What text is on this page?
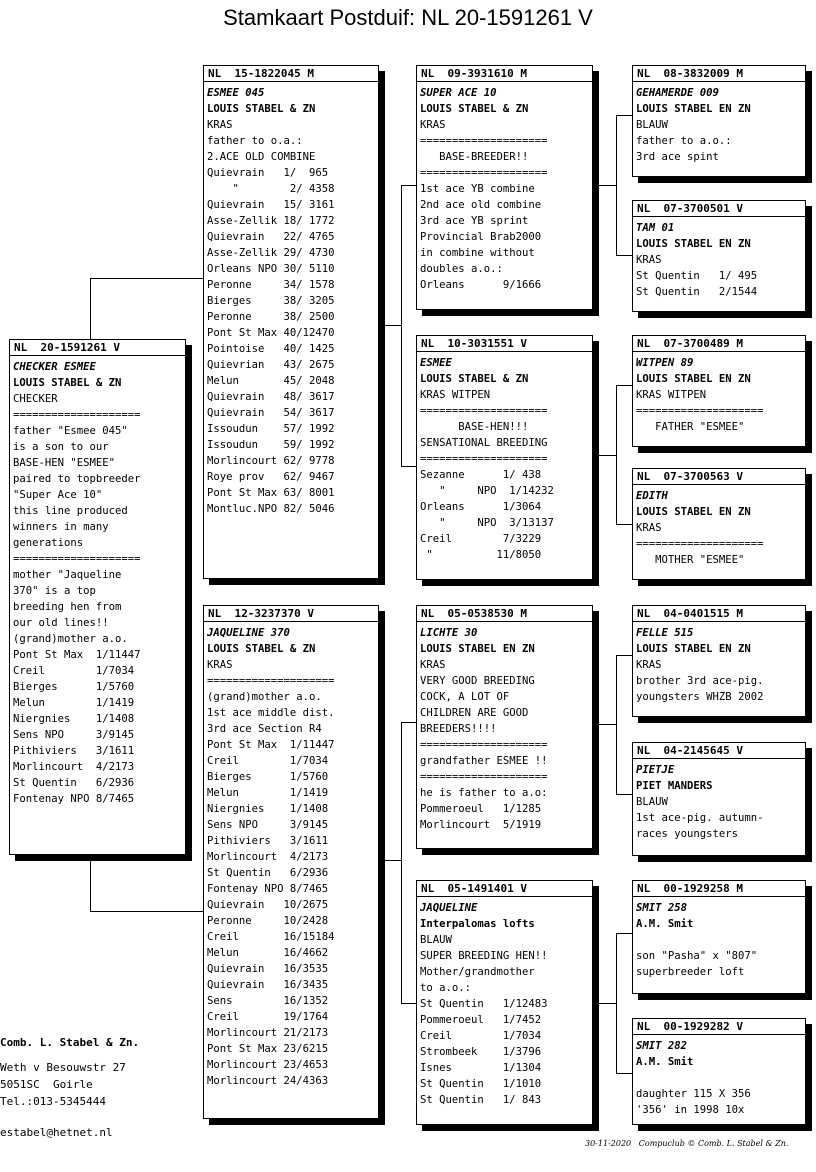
Stamkaart Postduif: NL 20-1591261 V
NL  20-1591261 V
CHECKER ESMEE
LOUIS STABEL & ZN
CHECKER
====================
father "Esmee 045"
is a son to our
BASE-HEN "ESMEE"
paired to topbreeder
"Super Ace 10"
this line produced
winners in many
generations
====================
mother "Jaqueline
370" is a top
breeding hen from
our old lines!!
(grand)mother a.o.
Pont St Max  1/11447
Creil        1/7034
Bierges      1/5760
Melun        1/1419
Niergnies    1/1408
Sens NPO     3/9145
Pithiviers   3/1611
Morlincourt  4/2173
St Quentin   6/2936
Fontenay NPO 8/7465
NL  15-1822045 M
ESMEE 045
LOUIS STABEL & ZN
KRAS
father to o.a.:
2.ACE OLD COMBINE
Quievrain   1/  965
"        2/ 4358
Quievrain   15/ 3161
Asse-Zellik 18/ 1772
Quievrain   22/ 4765
Asse-Zellik 29/ 4730
Orleans NPO 30/ 5110
Peronne     34/ 1578
Bierges     38/ 3205
Peronne     38/ 2500
Pont St Max 40/12470
Pointoise   40/ 1425
Quievrian   43/ 2675
Melun       45/ 2048
Quievrain   48/ 3617
Quievrain   54/ 3617
Issoudun    57/ 1992
Issoudun    59/ 1992
Morlincourt 62/ 9778
Roye prov   62/ 9467
Pont St Max 63/ 8001
Montluc.NPO 82/ 5046
NL  12-3237370 V
JAQUELINE 370
LOUIS STABEL & ZN
KRAS
====================
(grand)mother a.o.
1st ace middle dist.
3rd ace Section R4
Pont St Max  1/11447
Creil        1/7034
Bierges      1/5760
Melun        1/1419
Niergnies    1/1408
Sens NPO     3/9145
Pithiviers   3/1611
Morlincourt  4/2173
St Quentin   6/2936
Fontenay NPO 8/7465
Quievrain   10/2675
Peronne     10/2428
Creil       16/15184
Melun       16/4662
Quievrain   16/3535
Quievrain   16/3435
Sens        16/1352
Creil       19/1764
Morlincourt 21/2173
Pont St Max 23/6215
Morlincourt 23/4653
Morlincourt 24/4363
NL  09-3931610 M
SUPER ACE 10
LOUIS STABEL & ZN
KRAS
====================
BASE-BREEDER!!
====================
1st ace YB combine
2nd ace old combine
3rd ace YB sprint
Provincial Brab2000
in combine without
doubles a.o.:
Orleans      9/1666
NL  10-3031551 V
ESMEE
LOUIS STABEL & ZN
KRAS WITPEN
====================
BASE-HEN!!!
SENSATIONAL BREEDING
====================
Sezanne      1/ 438
"     NPO  1/14232
Orleans      1/3064
"     NPO  3/13137
Creil        7/3229
"          11/8050
NL  05-0538530 M
LICHTE 30
LOUIS STABEL EN ZN
KRAS
VERY GOOD BREEDING
COCK, A LOT OF
CHILDREN ARE GOOD
BREEDERS!!!!
====================
grandfather ESMEE !!
====================
he is father to a.o:
Pommeroeul   1/1285
Morlincourt  5/1919
NL  05-1491401 V
JAQUELINE
Interpalomas lofts
BLAUW
SUPER BREEDING HEN!!
Mother/grandmother
to a.o.:
St Quentin   1/12483
Pommeroeul   1/7452
Creil        1/7034
Strombeek    1/3796
Isnes        1/1304
St Quentin   1/1010
St Quentin   1/ 843
NL  08-3832009 M
GEHAMERDE 009
LOUIS STABEL EN ZN
BLAUW
father to a.o.:
3rd ace spint
NL  07-3700501 V
TAM 01
LOUIS STABEL EN ZN
KRAS
St Quentin   1/ 495
St Quentin   2/1544
NL  07-3700489 M
WITPEN 89
LOUIS STABEL EN ZN
KRAS WITPEN
====================
FATHER "ESMEE"
NL  07-3700563 V
EDITH
LOUIS STABEL EN ZN
KRAS
====================
MOTHER "ESMEE"
NL  04-0401515 M
FELLE 515
LOUIS STABEL EN ZN
KRAS
brother 3rd ace-pig.
youngsters WHZB 2002
NL  04-2145645 V
PIETJE
PIET MANDERS
BLAUW
1st ace-pig. autumn-
races youngsters
NL  00-1929258 M
SMIT 258
A.M. Smit
son "Pasha" x "807"
superbreeder loft
NL  00-1929282 V
SMIT 282
A.M. Smit
daughter 115 X 356
'356' in 1998 10x
Comb. L. Stabel & Zn.
Weth v Besouwstr 27
5051SC  Goirle
Tel.:013-5345444
estabel@hetnet.nl
30-11-2020   Compuclub © Comb. L. Stabel & Zn.
